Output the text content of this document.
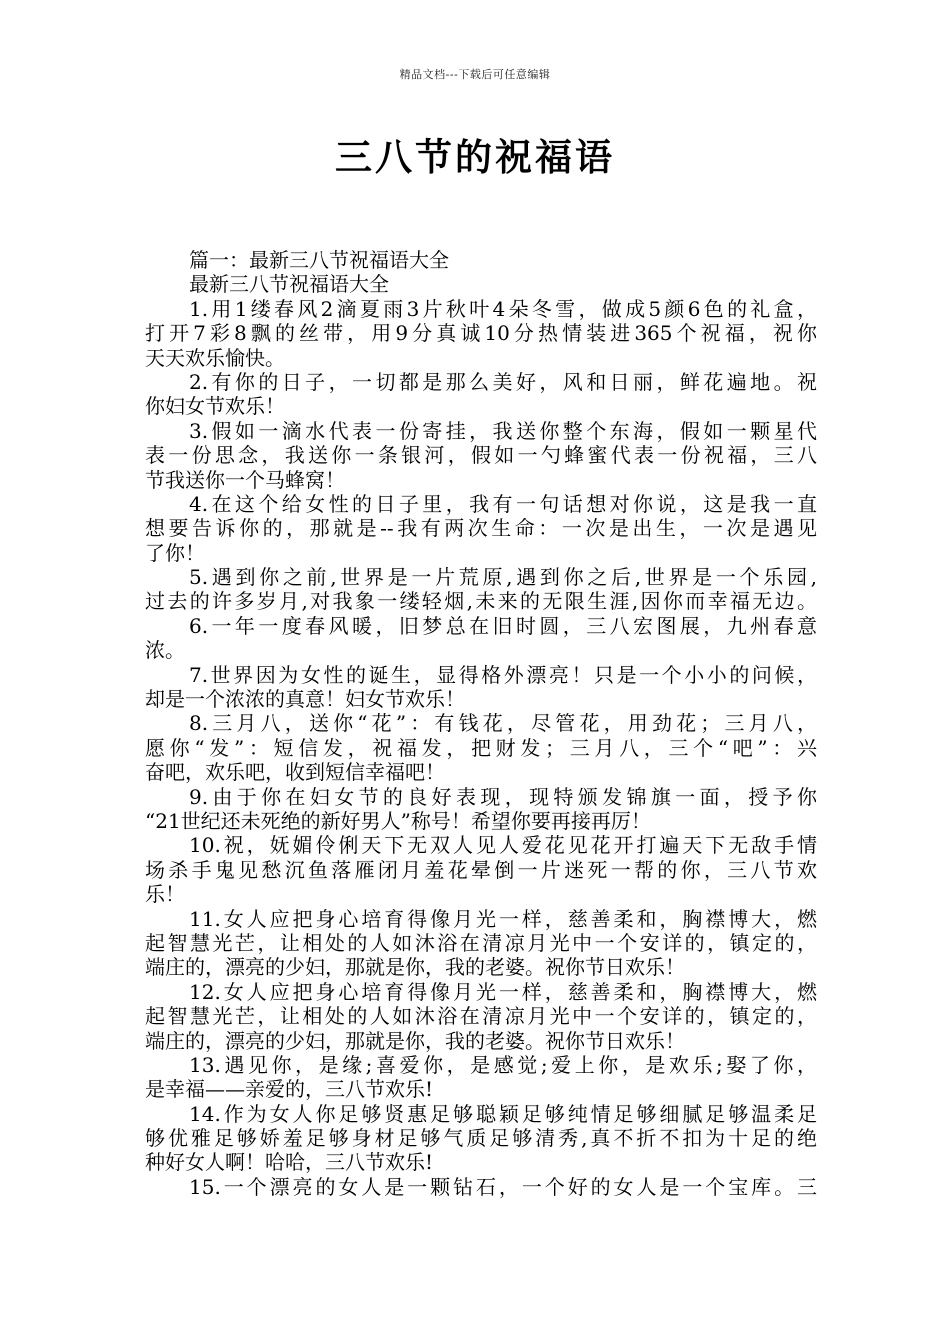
精品文档---下载后可任意编辑
三八节的祝福语
篇一：最新三八节祝福语大全
最新三八节祝福语大全
1.用1缕春风2滴夏雨3片秋叶4朵冬雪，做成5颜6色的礼盒，
打开7彩8飘的丝带，用9分真诚10分热情装进365个祝福，祝你
天天欢乐愉快。
2.有你的日子，一切都是那么美好，风和日丽，鲜花遍地。祝
你妇女节欢乐！
3.假如一滴水代表一份寄挂，我送你整个东海，假如一颗星代
表一份思念，我送你一条银河，假如一勺蜂蜜代表一份祝福，三八
节我送你一个马蜂窝！
4.在这个给女性的日子里，我有一句话想对你说，这是我一直
想要告诉你的，那就是--我有两次生命：一次是出生，一次是遇见
了你！
5.遇到你之前,世界是一片荒原,遇到你之后,世界是一个乐园,
过去的许多岁月,对我象一缕轻烟,未来的无限生涯,因你而幸福无边。
6.一年一度春风暖，旧梦总在旧时圆，三八宏图展，九州春意
浓。
7.世界因为女性的诞生，显得格外漂亮！只是一个小小的问候，
却是一个浓浓的真意！妇女节欢乐！
8.三月八，送你“花”：有钱花，尽管花，用劲花；三月八，
愿你“发”：短信发，祝福发，把财发；三月八，三个“吧”：兴
奋吧，欢乐吧，收到短信幸福吧！
9.由于你在妇女节的良好表现，现特颁发锦旗一面，授予你
“21世纪还未死绝的新好男人”称号！希望你要再接再厉！
10.祝，妩媚伶俐天下无双人见人爱花见花开打遍天下无敌手情
场杀手鬼见愁沉鱼落雁闭月羞花晕倒一片迷死一帮的你，三八节欢
乐！
11.女人应把身心培育得像月光一样，慈善柔和，胸襟博大，燃
起智慧光芒，让相处的人如沐浴在清凉月光中一个安详的，镇定的，
端庄的，漂亮的少妇，那就是你，我的老婆。祝你节日欢乐！
12.女人应把身心培育得像月光一样，慈善柔和，胸襟博大，燃
起智慧光芒，让相处的人如沐浴在清凉月光中一个安详的，镇定的，
端庄的，漂亮的少妇，那就是你，我的老婆。祝你节日欢乐！
13.遇见你，是缘;喜爱你，是感觉;爱上你，是欢乐;娶了你，
是幸福——亲爱的，三八节欢乐!
14.作为女人你足够贤惠足够聪颖足够纯情足够细腻足够温柔足
够优雅足够娇羞足够身材足够气质足够清秀,真不折不扣为十足的绝
种好女人啊！哈哈，三八节欢乐!
15.一个漂亮的女人是一颗钻石，一个好的女人是一个宝库。三
